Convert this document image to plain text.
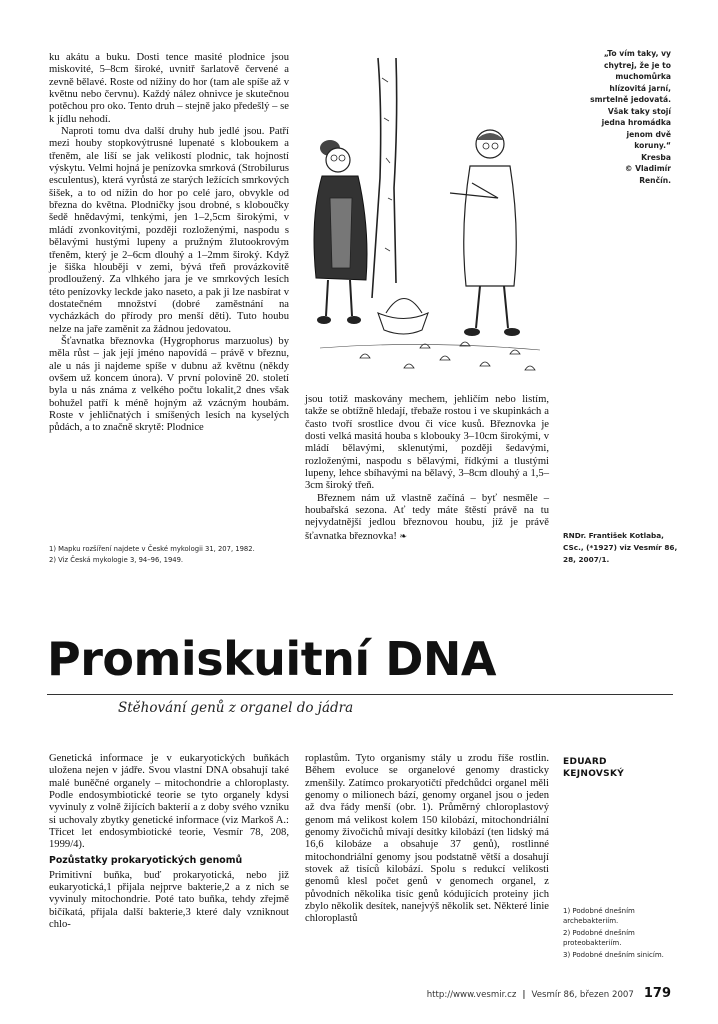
ku akátu a buku. Dosti tence masité plodnice jsou miskovité, 5–8cm široké, uvnitř šarlatově červené a zevně bělavé. Roste od nížiny do hor (tam ale spíše až v květnu nebo červnu). Každý nález ohnivce je skutečnou potěchou pro oko. Tento druh – stejně jako předešlý – se k jídlu nehodí.

Naproti tomu dva další druhy hub jedlé jsou. Patří mezi houby stopkovýtrusné lupenaté s kloboukem a třeněm, ale liší se jak velikostí plodnic, tak hojností výskytu. Velmi hojná je penízovka smrková (Strobilurus esculentus), která vyrůstá ze starých ležících smrkových šišek, a to od nížin do hor po celé jaro, obvykle od března do května. Plodničky jsou drobné, s kloboučky šedě hnědavými, tenkými, jen 1–2,5cm širokými, v mládí zvonkovitými, později rozloženými, naspodu s bělavými hustými lupeny a pružným žlutookrovým třeněm, který je 2–6cm dlouhý a 1–2mm široký. Když je šiška hlouběji v zemi, bývá třeň provázkovitě prodloužený. Za vlhkého jara je ve smrkových lesích této penízovky leckde jako naseto, a pak ji lze nasbírat v dostatečném množství (dobré zaměstnání na vycházkách do přírody pro menší děti). Tuto houbu nelze na jaře zaměnit za žádnou jedovatou.

Šťavnatka březnovka (Hygrophorus marzuolus) by měla růst – jak její jméno napovídá – právě v březnu, ale u nás ji najdeme spíše v dubnu až květnu (někdy ovšem už koncem února). V první polovině 20. století byla u nás známa z velkého počtu lokalit,2 dnes však bohužel patří k méně hojným až vzácným houbám. Roste v jehličnatých i smíšených lesích na kyselých půdách, a to značně skrytě: Plodnice

1) Mapku rozšíření najdete v České mykologii 31, 207, 1982.
2) Viz Česká mykologie 3, 94–96, 1949.
„To vím taky, vy
chytrej, že je to
muchomůrka
hlízovitá jarní,
smrtelně jedovatá.
Však taky stojí
jedna hromádka
jenom dvě
koruny.“
Kresba
© Vladimír
Renčín.

jsou totiž maskovány mechem, jehličím nebo listím, takže se obtížně hledají, třebaže rostou i ve skupinkách a často tvoří srostlice dvou či více kusů. Březnovka je dosti velká masitá houba s klobouky 3–10cm širokými, v mládí bělavými, sklenutými, později šedavými, rozloženými, naspodu s bělavými, řídkými a tlustými lupeny, lehce sbíhavými na bělavý, 3–8cm dlouhý a 1,5–3cm široký třeň.

Březnem nám už vlastně začíná – byť nesměle – houbařská sezona. Ať tedy máte štěstí právě na tu nejvydatnější jedlou březnovou houbu, jíž je právě šťavnatka březnovka! ❧	RNDr. František Kotlaba,
CSc., (*1927) viz Vesmír 86,
28, 2007/1.
Promiskuitní DNA
Stěhování genů z organel do jádra

Genetická informace je v eukaryotických buňkách uložena nejen v jádře. Svou vlastní DNA obsahují také malé buněčné organely – mitochondrie a chloroplasty. Podle endosymbiotické teorie se tyto organely kdysi vyvinuly z volně žijících bakterií a z doby svého vzniku si uchovaly zbytky genetické informace (viz Markoš A.: Třicet let endosymbiotické teorie, Vesmír 78, 208, 1999/4).

Pozůstatky prokaryotických genomů

Primitivní buňka, buď prokaryotická, nebo již eukaryotická,1 přijala nejprve bakterie,2 a z nich se vyvinuly mitochondrie. Poté tato buňka, tehdy zřejmě bičíkatá, přijala další bakterie,3 které daly vzniknout chlo-

roplastům. Tyto organismy stály u zrodu říše rostlin. Během evoluce se organelové genomy drasticky zmenšily. Zatímco prokaryotičtí předchůdci organel měli genomy o milionech bází, genomy organel jsou o jeden až dva řády menší (obr. 1). Průměrný chloroplastový genom má velikost kolem 150 kilobází, mitochondriální genomy živočichů mívají desítky kilobází (ten lidský má 16,6 kilobáze a obsahuje 37 genů), rostlinné mitochondriální genomy jsou podstatně větší a dosahují stovek až tisíců kilobází. Spolu s redukcí velikosti genomů klesl počet genů v genomech organel, z původních několika tisíc genů kódujících proteiny jich zbylo několik desítek, nanejvýš několik set. Některé linie chloroplastů

EDUARD
KEJNOVSKÝ
1) Podobné dnešním archebakteriím.
2) Podobné dnešním proteobakteriím.
3) Podobné dnešním sinicím.
http://www.vesmir.cz | Vesmír 86, březen 2007 179
